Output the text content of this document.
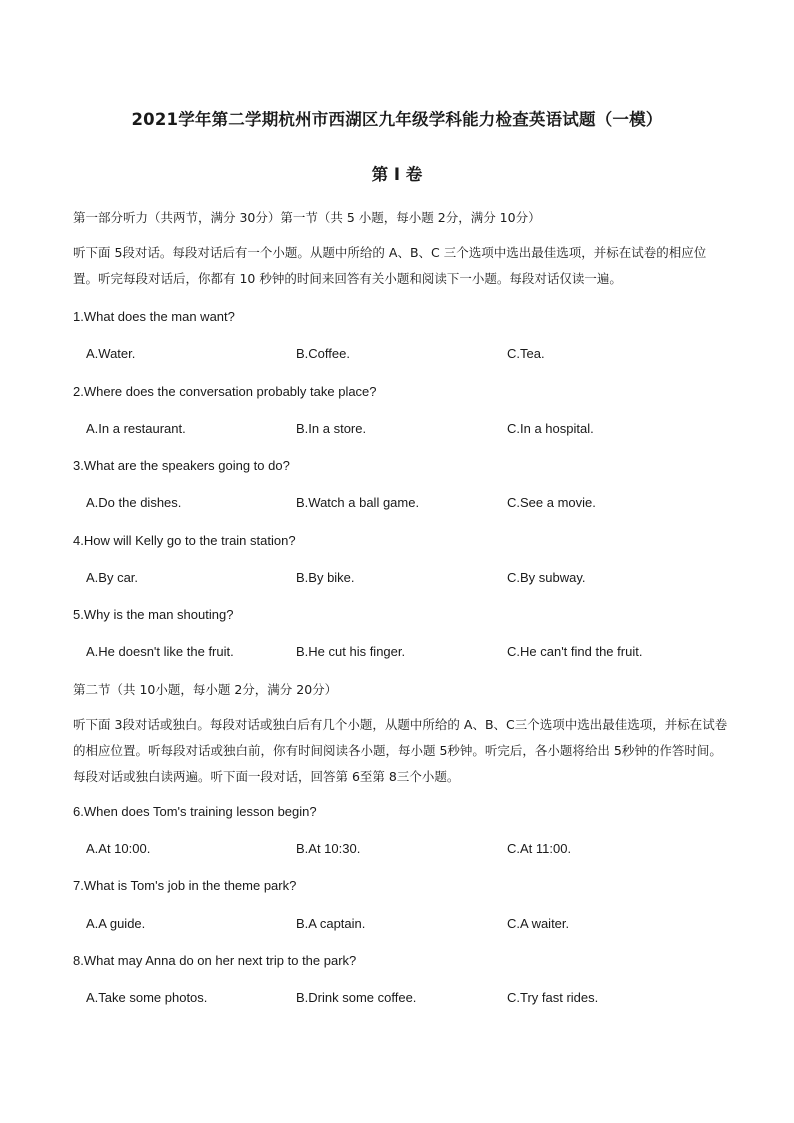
2021学年第二学期杭州市西湖区九年级学科能力检查英语试题（一模）
第 I 卷
第一部分听力（共两节，满分 30分）第一节（共 5 小题，每小题 2分，满分 10分）
听下面 5段对话。每段对话后有一个小题。从题中所给的 A、B、C 三个选项中选出最佳选项，并标在试卷的相应位置。听完每段对话后，你都有 10 秒钟的时间来回答有关小题和阅读下一小题。每段对话仅读一遍。
1.What does the man want?
A.Water.	B.Coffee.	C.Tea.
2.Where does the conversation probably take place?
A.In a restaurant.	B.In a store.	C.In a hospital.
3.What are the speakers going to do?
A.Do the dishes.	B.Watch a ball game.	C.See a movie.
4.How will Kelly go to the train station?
A.By car.	B.By bike.	C.By subway.
5.Why is the man shouting?
A.He doesn't like the fruit.	B.He cut his finger.	C.He can't find the fruit.
第二节（共 10小题，每小题 2分，满分 20分）
听下面 3段对话或独白。每段对话或独白后有几个小题，从题中所给的 A、B、C三个选项中选出最佳选项，并标在试卷的相应位置。听每段对话或独白前，你有时间阅读各小题，每小题 5秒钟。听完后，各小题将给出 5秒钟的作答时间。每段对话或独白读两遍。听下面一段对话，回答第 6至第 8三个小题。
6.When does Tom's training lesson begin?
A.At 10:00.	B.At 10:30.	C.At 11:00.
7.What is Tom's job in the theme park?
A.A guide.	B.A captain.	C.A waiter.
8.What may Anna do on her next trip to the park?
A.Take some photos.	B.Drink some coffee.	C.Try fast rides.
